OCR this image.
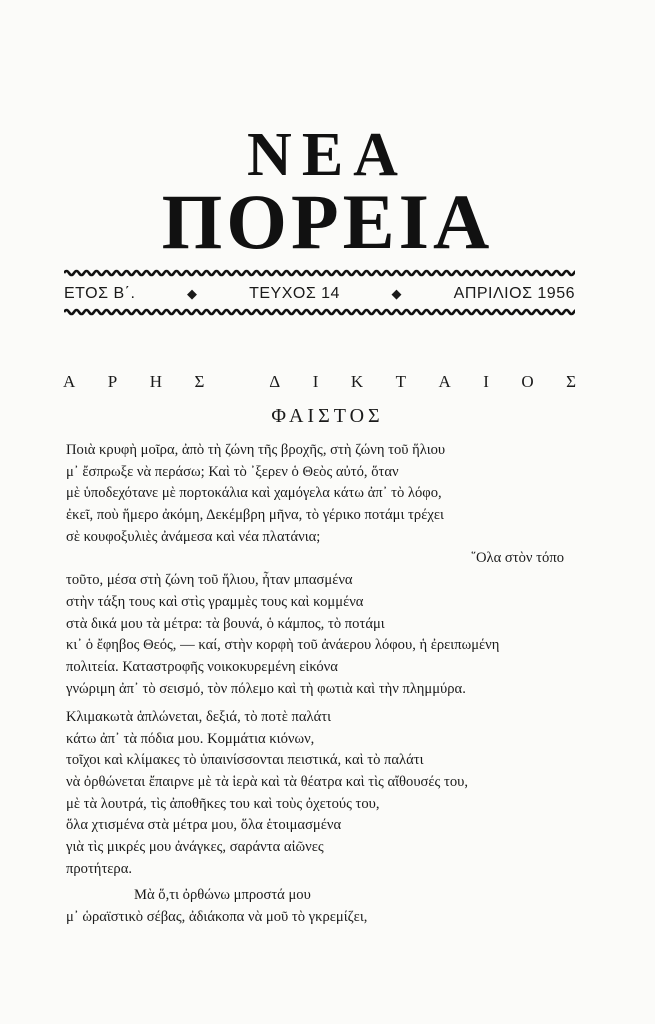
ΝΕΑ
ΠΟΡΕΙΑ
ΕΤΟΣ Β΄.	◆	ΤΕΥΧΟΣ 14	◆	ΑΠΡΙΛΙΟΣ 1956
Α Ρ Η Σ	Δ Ι Κ Τ Α Ι Ο Σ
ΦΑΙΣΤΟΣ
Ποιὰ κρυφὴ μοῖρα, ἀπὸ τὴ ζώνη τῆς βροχῆς, στὴ ζώνη τοῦ ἥλιου
μ᾽ ἔσπρωξε νὰ περάσω; Καὶ τὸ ᾽ξερεν ὁ Θεὸς αὐτό, ὅταν
μὲ ὑποδεχότανε μὲ πορτοκάλια καὶ χαμόγελα κάτω ἀπ᾽ τὸ λόφο,
ἐκεῖ, ποὺ ἥμερο ἀκόμη, Δεκέμβρη μῆνα, τὸ γέρικο ποτάμι τρέχει
σὲ κουφοξυλιὲς ἀνάμεσα καὶ νέα πλατάνια;
῞Ολα στὸν τόπο
τοῦτο, μέσα στὴ ζώνη τοῦ ἥλιου, ἦταν μπασμένα
στὴν τάξη τους καὶ στὶς γραμμὲς τους καὶ κομμένα
στὰ δικά μου τὰ μέτρα: τὰ βουνά, ὁ κάμπος, τὸ ποτάμι
κι᾽ ὁ ἔφηβος Θεός, — καί, στὴν κορφὴ τοῦ ἀνάερου λόφου, ἡ ἐρειπωμένη
πολιτεία. Καταστροφῆς νοικοκυρεμένη εἰκόνα
γνώριμη ἀπ᾽ τὸ σεισμό, τὸν πόλεμο καὶ τὴ φωτιὰ καὶ τὴν πλημμύρα.
Κλιμακωτὰ ἁπλώνεται, δεξιά, τὸ ποτὲ παλάτι
κάτω ἀπ᾽ τὰ πόδια μου. Κομμάτια κιόνων,
τοῖχοι καὶ κλίμακες τὸ ὑπαινίσσονται πειστικά, καὶ τὸ παλάτι
νὰ ὀρθώνεται ἔπαιρνε μὲ τὰ ἱερὰ καὶ τὰ θέατρα καὶ τὶς αἴθουσές του,
μὲ τὰ λουτρά, τὶς ἀποθῆκες του καὶ τοὺς ὀχετούς του,
ὅλα χτισμένα στὰ μέτρα μου, ὅλα ἑτοιμασμένα
γιὰ τὶς μικρές μου ἀνάγκες, σαράντα αἰῶνες
προτήτερα.
Μὰ ὅ,τι ὀρθώνω μπροστά μου
μ᾽ ὡραϊστικὸ σέβας, ἀδιάκοπα νὰ μοῦ τὸ γκρεμίζει,
